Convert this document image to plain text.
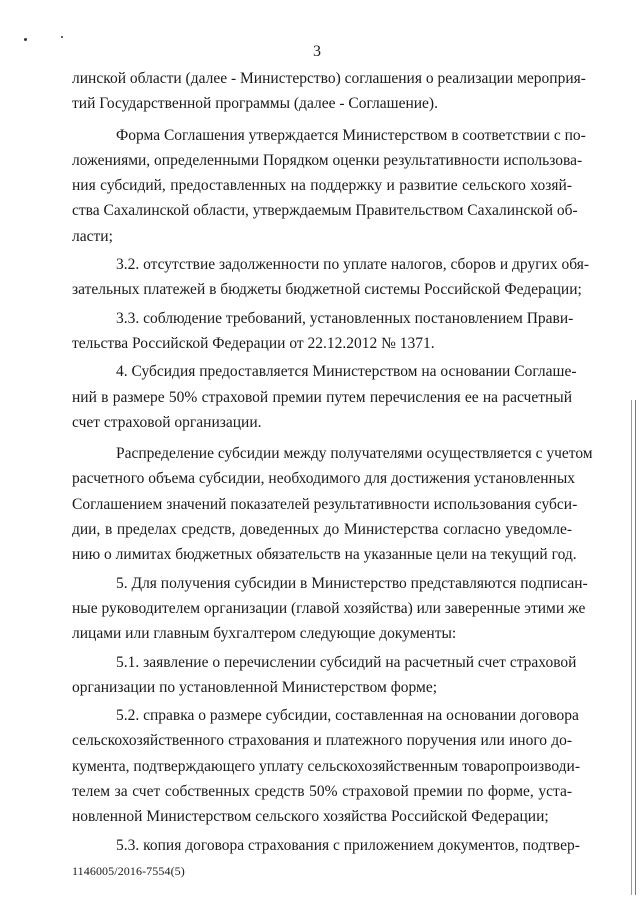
3
линской области (далее - Министерство) соглашения о реализации мероприя-
тий Государственной программы (далее - Соглашение).
Форма Соглашения утверждается Министерством в соответствии с по-
ложениями, определенными Порядком оценки результативности использова-
ния субсидий, предоставленных на поддержку и развитие сельского хозяй-
ства Сахалинской области, утверждаемым Правительством Сахалинской об-
ласти;
3.2. отсутствие задолженности по уплате налогов, сборов и других обя-
зательных платежей в бюджеты бюджетной системы Российской Федерации;
3.3. соблюдение требований, установленных постановлением Прави-
тельства Российской Федерации от 22.12.2012 № 1371.
4. Субсидия предоставляется Министерством на основании Соглаше-
ний в размере 50% страховой премии путем перечисления ее на расчетный
счет страховой организации.
Распределение субсидии между получателями осуществляется с учетом
расчетного объема субсидии, необходимого для достижения установленных
Соглашением значений показателей результативности использования субси-
дии, в пределах средств, доведенных до Министерства согласно уведомле-
нию о лимитах бюджетных обязательств на указанные цели на текущий год.
5. Для получения субсидии в Министерство представляются подписан-
ные руководителем организации (главой хозяйства) или заверенные этими же
лицами или главным бухгалтером следующие документы:
5.1. заявление о перечислении субсидий на расчетный счет страховой
организации по установленной Министерством форме;
5.2. справка о размере субсидии, составленная на основании договора
сельскохозяйственного страхования и платежного поручения или иного до-
кумента, подтверждающего уплату сельскохозяйственным товаропроизводи-
телем за счет собственных средств 50% страховой премии по форме, уста-
новленной Министерством сельского хозяйства Российской Федерации;
5.3. копия договора страхования с приложением документов, подтвер-
1146005/2016-7554(5)
